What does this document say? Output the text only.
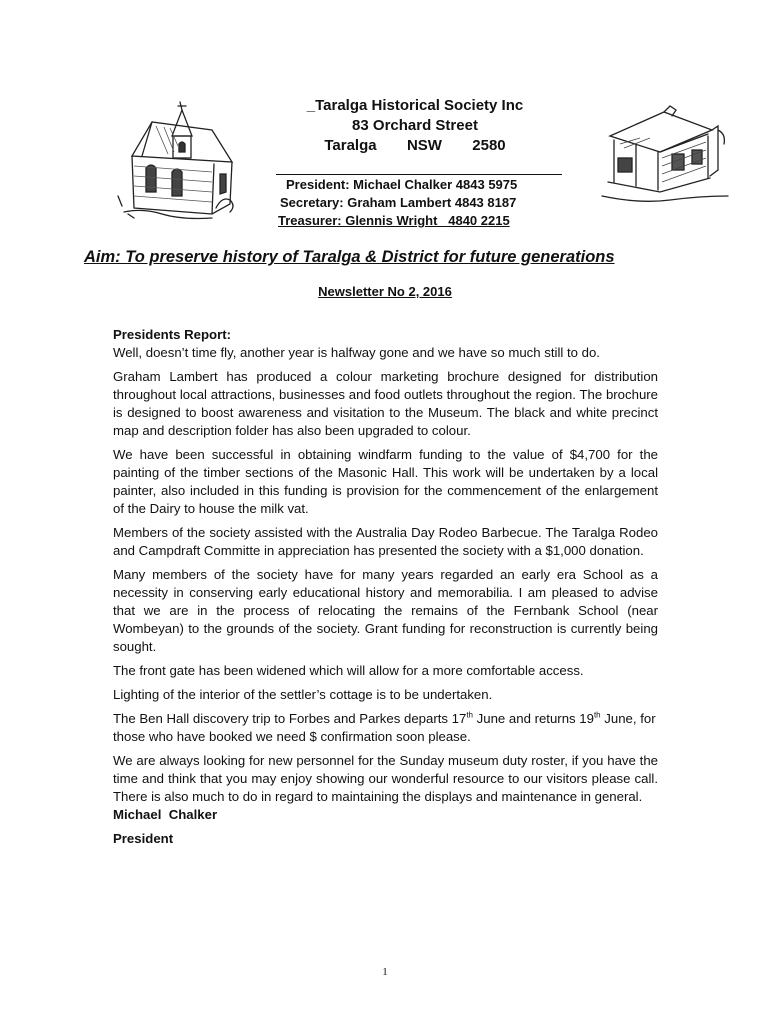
_Taralga Historical Society Inc
83 Orchard Street
Taralga NSW 2580
President: Michael Chalker 4843 5975
Secretary: Graham Lambert 4843 8187
Treasurer: Glennis Wright   4840 2215
Aim: To preserve history of Taralga & District for future generations
Newsletter No 2, 2016

Presidents Report:

Well, doesn’t time fly, another year is halfway gone and we have so much still to do.

Graham Lambert has produced a colour marketing brochure designed for distribution throughout local attractions, businesses and food outlets throughout the region. The brochure is designed to boost awareness and visitation to the Museum. The black and white precinct map and description folder has also been upgraded to colour.

We have been successful in obtaining windfarm funding to the value of $4,700 for the painting of the timber sections of the Masonic Hall. This work will be undertaken by a local painter, also included in this funding is provision for the commencement of the enlargement of the Dairy to house the milk vat.

Members of the society assisted with the Australia Day Rodeo Barbecue. The Taralga Rodeo and Campdraft Committe in appreciation has presented the society with a $1,000 donation.

Many members of the society have for many years regarded an early era School as a necessity in conserving early educational history and memorabilia. I am pleased to advise that we are in the process of relocating the remains of the Fernbank School (near Wombeyan) to the grounds of the society. Grant funding for reconstruction is currently being sought.

The front gate has been widened which will allow for a more comfortable access.

Lighting of the interior of the settler’s cottage is to be undertaken.

The Ben Hall discovery trip to Forbes and Parkes departs 17th June and returns 19th June, for those who have booked we need $ confirmation soon please.

We are always looking for new personnel for the Sunday museum duty roster, if you have the time and think that you may enjoy showing our wonderful resource to our visitors please call. There is also much to do in regard to maintaining the displays and maintenance in general.

Michael  Chalker

President

1
